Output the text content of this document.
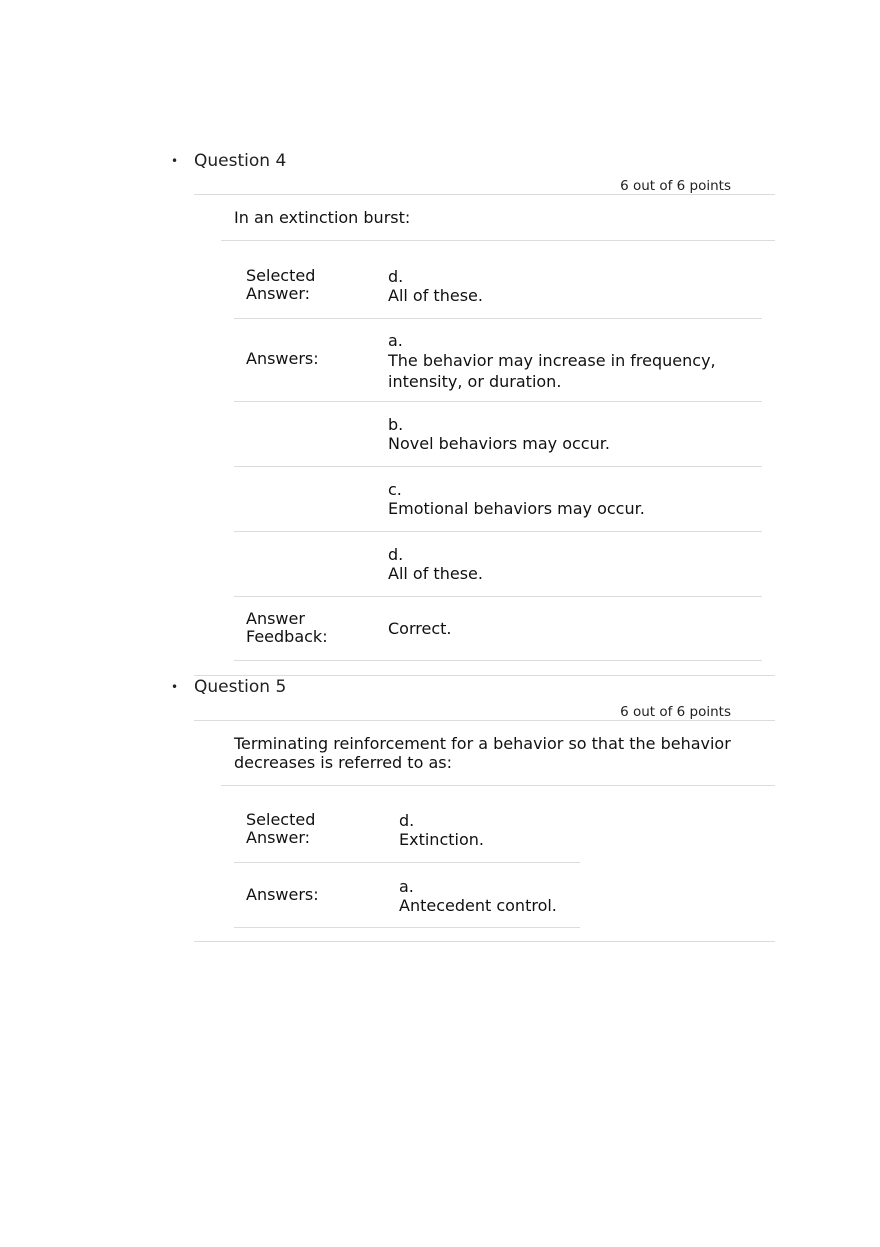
• Question 4
6 out of 6 points
In an extinction burst:
Selected Answer:
d.
All of these.
Answers:
a.
The behavior may increase in frequency, intensity, or duration.
b.
Novel behaviors may occur.
c.
Emotional behaviors may occur.
d.
All of these.
Answer Feedback:	Correct.
• Question 5
6 out of 6 points
Terminating reinforcement for a behavior so that the behavior decreases is referred to as:
Selected Answer:
d.
Extinction.
Answers:	a.
Antecedent control.
